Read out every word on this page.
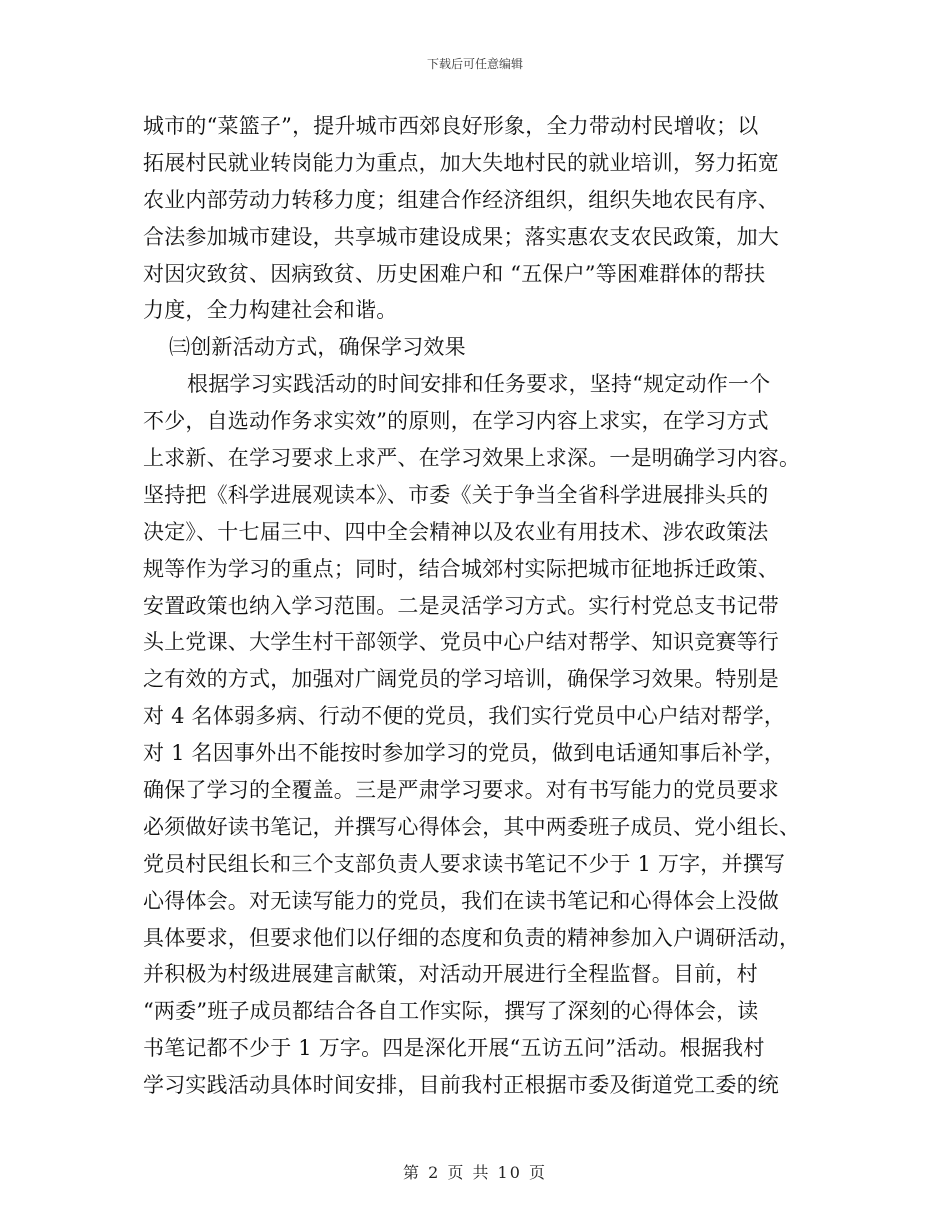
下载后可任意编辑
城市的“菜篮子”，提升城市西郊良好形象，全力带动村民增收；以
拓展村民就业转岗能力为重点，加大失地村民的就业培训，努力拓宽
农业内部劳动力转移力度；组建合作经济组织，组织失地农民有序、
合法参加城市建设，共享城市建设成果；落实惠农支农民政策，加大
对因灾致贫、因病致贫、历史困难户和 “五保户”等困难群体的帮扶
力度，全力构建社会和谐。
㈢创新活动方式，确保学习效果
根据学习实践活动的时间安排和任务要求，坚持“规定动作一个
不少，自选动作务求实效”的原则，在学习内容上求实，在学习方式
上求新、在学习要求上求严、在学习效果上求深。一是明确学习内容。
坚持把《科学进展观读本》、市委《关于争当全省科学进展排头兵的
决定》、十七届三中、四中全会精神以及农业有用技术、涉农政策法
规等作为学习的重点；同时，结合城郊村实际把城市征地拆迁政策、
安置政策也纳入学习范围。二是灵活学习方式。实行村党总支书记带
头上党课、大学生村干部领学、党员中心户结对帮学、知识竞赛等行
之有效的方式，加强对广阔党员的学习培训，确保学习效果。特别是
对 4 名体弱多病、行动不便的党员，我们实行党员中心户结对帮学，
对 1 名因事外出不能按时参加学习的党员，做到电话通知事后补学，
确保了学习的全覆盖。三是严肃学习要求。对有书写能力的党员要求
必须做好读书笔记，并撰写心得体会，其中两委班子成员、党小组长、
党员村民组长和三个支部负责人要求读书笔记不少于 1 万字，并撰写
心得体会。对无读写能力的党员，我们在读书笔记和心得体会上没做
具体要求，但要求他们以仔细的态度和负责的精神参加入户调研活动，
并积极为村级进展建言献策，对活动开展进行全程监督。目前，村
“两委”班子成员都结合各自工作实际，撰写了深刻的心得体会，读
书笔记都不少于 1 万字。四是深化开展“五访五问”活动。根据我村
学习实践活动具体时间安排，目前我村正根据市委及街道党工委的统
第 2 页 共 10 页
